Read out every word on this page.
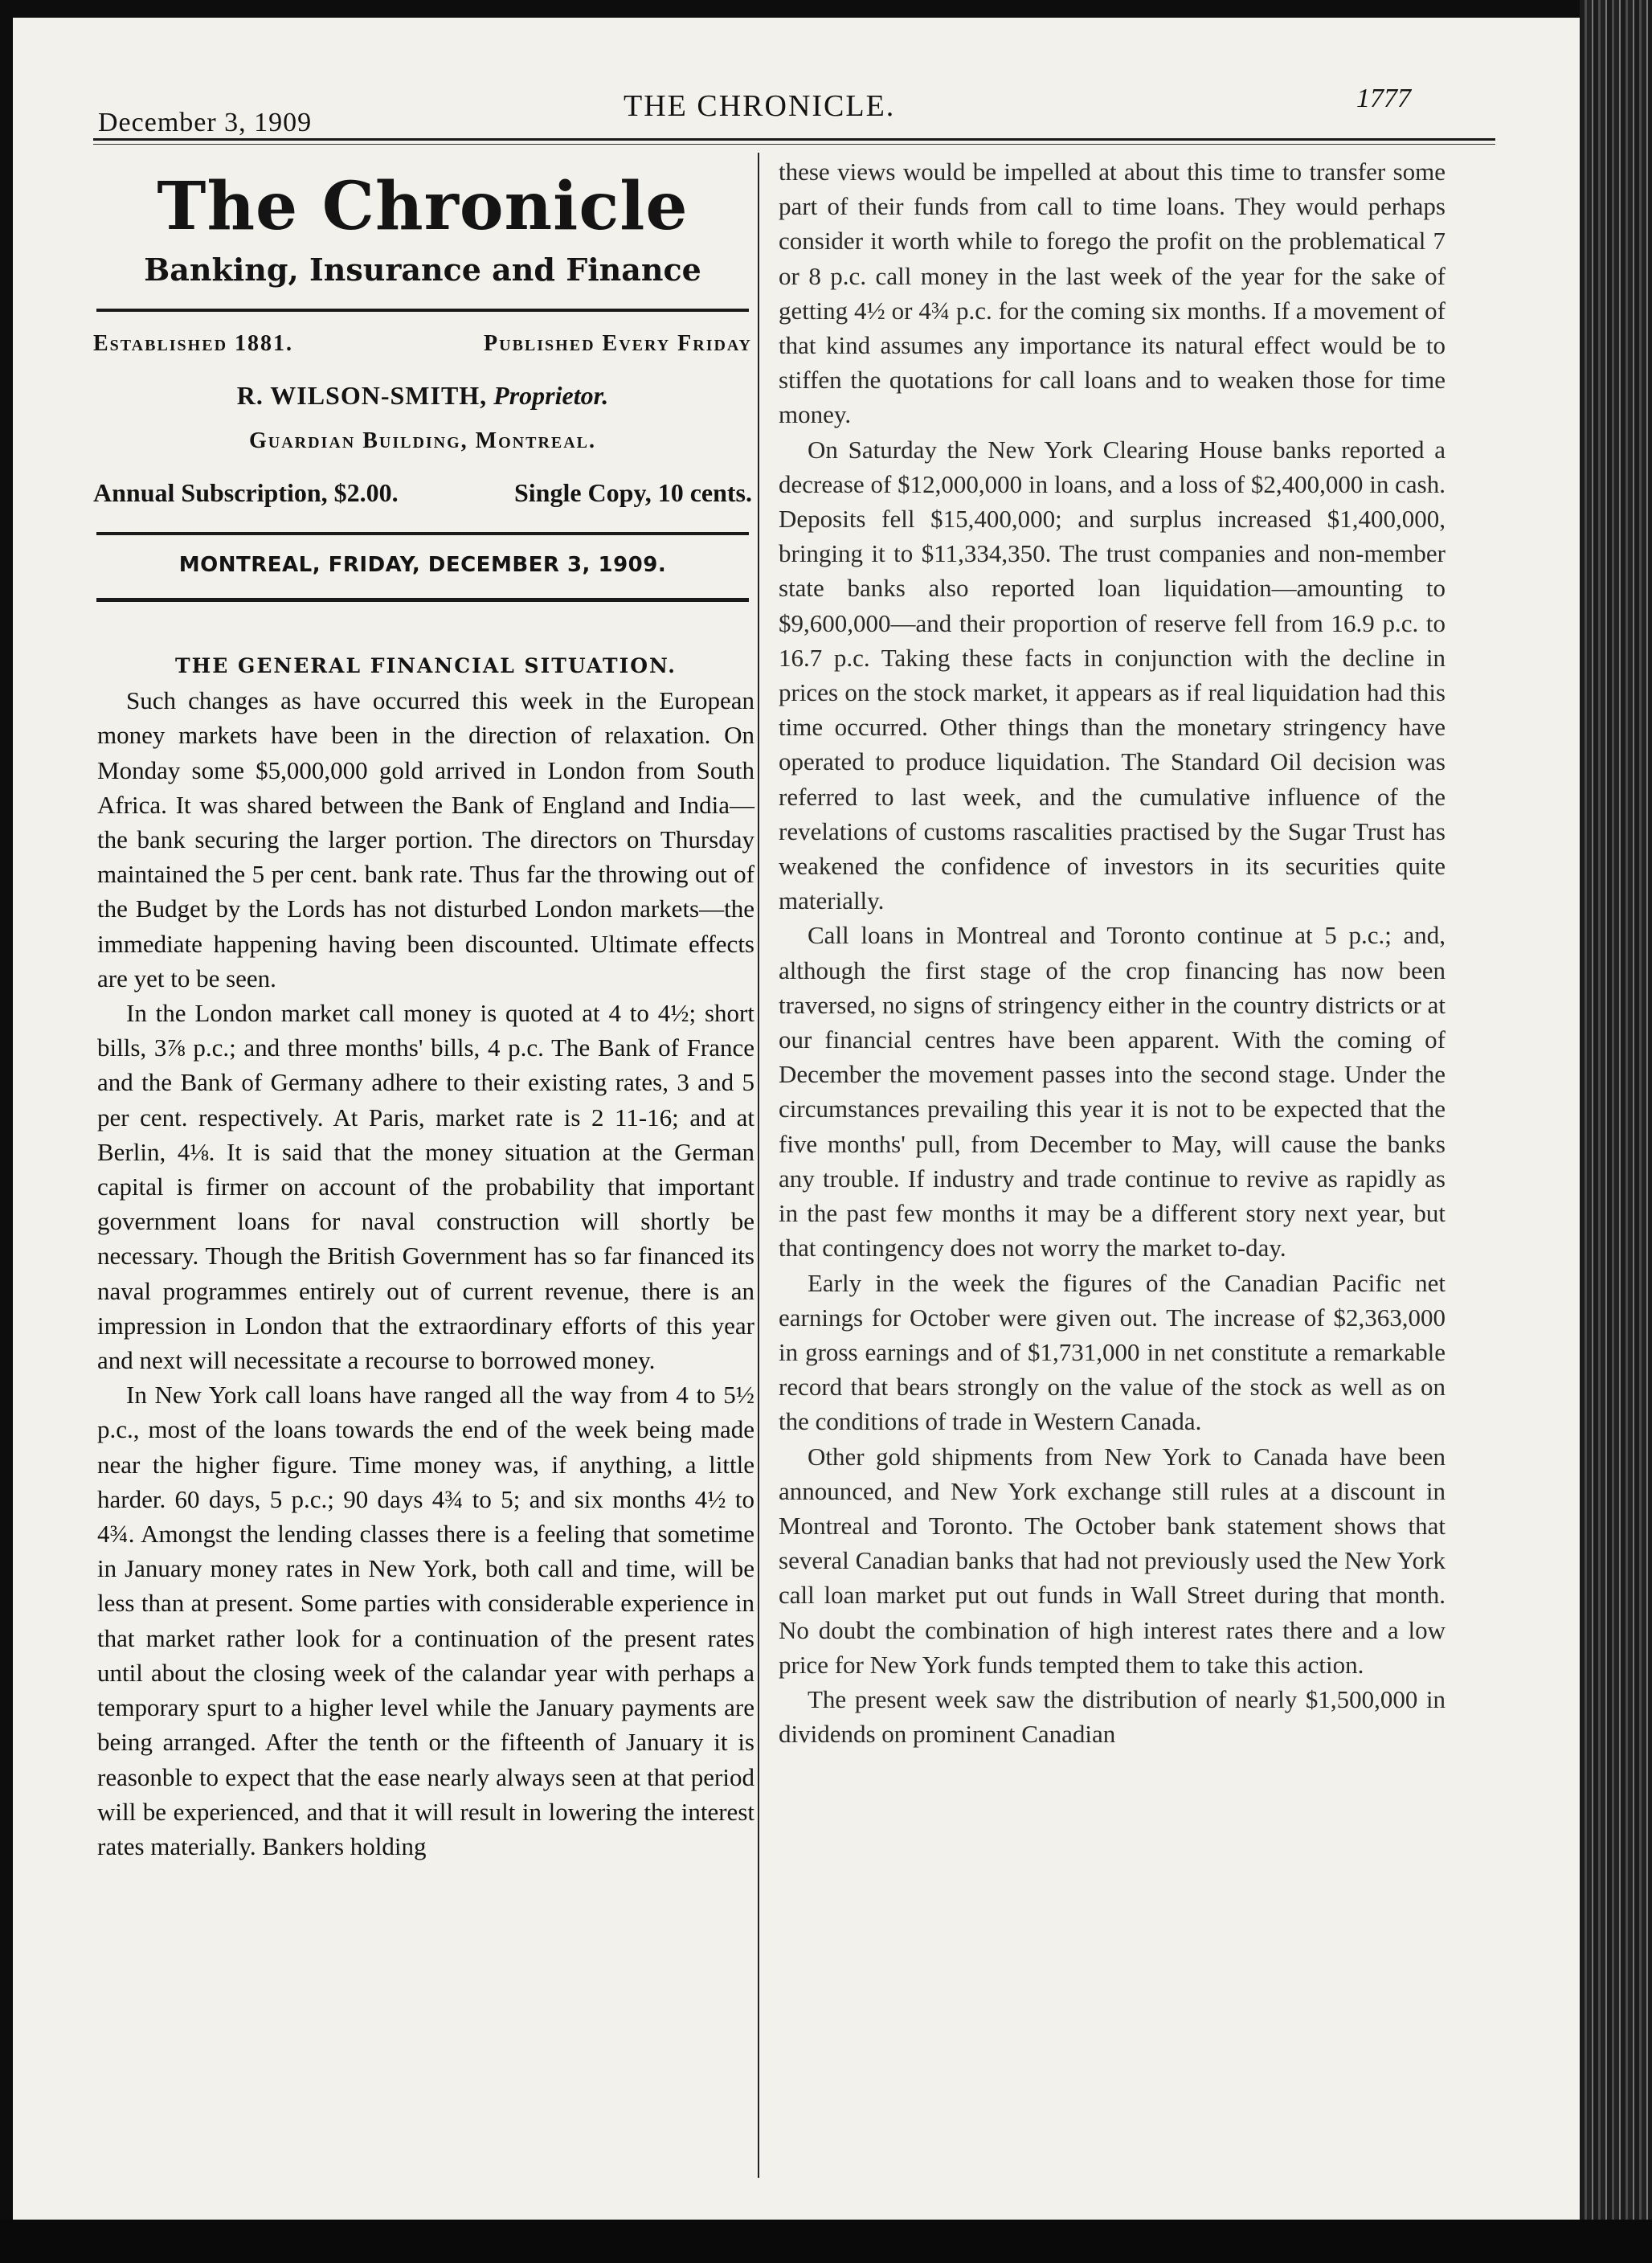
December 3, 1909	THE CHRONICLE.	1777
The Chronicle
Banking, Insurance and Finance
Established 1881.	Published Every Friday
R. WILSON-SMITH, Proprietor.
Guardian Building, Montreal.
Annual Subscription, $2.00.	Single Copy, 10 cents.
MONTREAL, FRIDAY, DECEMBER 3, 1909.

THE GENERAL FINANCIAL SITUATION.

Such changes as have occurred this week in the European money markets have been in the direction of relaxation. On Monday some $5,000,000 gold arrived in London from South Africa. It was shared between the Bank of England and India—the bank securing the larger portion. The directors on Thursday maintained the 5 per cent. bank rate. Thus far the throwing out of the Budget by the Lords has not disturbed London markets—the immediate happening having been discounted. Ultimate effects are yet to be seen.

In the London market call money is quoted at 4 to 4½; short bills, 3⅞ p.c.; and three months' bills, 4 p.c. The Bank of France and the Bank of Germany adhere to their existing rates, 3 and 5 per cent. respectively. At Paris, market rate is 2 11-16; and at Berlin, 4⅛. It is said that the money situation at the German capital is firmer on account of the probability that important government loans for naval construction will shortly be necessary. Though the British Government has so far financed its naval programmes entirely out of current revenue, there is an impression in London that the extraordinary efforts of this year and next will necessitate a recourse to borrowed money.

In New York call loans have ranged all the way from 4 to 5½ p.c., most of the loans towards the end of the week being made near the higher figure. Time money was, if anything, a little harder. 60 days, 5 p.c.; 90 days 4¾ to 5; and six months 4½ to 4¾. Amongst the lending classes there is a feeling that sometime in January money rates in New York, both call and time, will be less than at present. Some parties with considerable experience in that market rather look for a continuation of the present rates until about the closing week of the calandar year with perhaps a temporary spurt to a higher level while the January payments are being arranged. After the tenth or the fifteenth of January it is reasonble to expect that the ease nearly always seen at that period will be experienced, and that it will result in lowering the interest rates materially. Bankers holding

these views would be impelled at about this time to transfer some part of their funds from call to time loans. They would perhaps consider it worth while to forego the profit on the problematical 7 or 8 p.c. call money in the last week of the year for the sake of getting 4½ or 4¾ p.c. for the coming six months. If a movement of that kind assumes any importance its natural effect would be to stiffen the quotations for call loans and to weaken those for time money.

On Saturday the New York Clearing House banks reported a decrease of $12,000,000 in loans, and a loss of $2,400,000 in cash. Deposits fell $15,400,000; and surplus increased $1,400,000, bringing it to $11,334,350. The trust companies and non-member state banks also reported loan liquidation—amounting to $9,600,000—and their proportion of reserve fell from 16.9 p.c. to 16.7 p.c. Taking these facts in conjunction with the decline in prices on the stock market, it appears as if real liquidation had this time occurred. Other things than the monetary stringency have operated to produce liquidation. The Standard Oil decision was referred to last week, and the cumulative influence of the revelations of customs rascalities practised by the Sugar Trust has weakened the confidence of investors in its securities quite materially.

Call loans in Montreal and Toronto continue at 5 p.c.; and, although the first stage of the crop financing has now been traversed, no signs of stringency either in the country districts or at our financial centres have been apparent. With the coming of December the movement passes into the second stage. Under the circumstances prevailing this year it is not to be expected that the five months' pull, from December to May, will cause the banks any trouble. If industry and trade continue to revive as rapidly as in the past few months it may be a different story next year, but that contingency does not worry the market to-day.

Early in the week the figures of the Canadian Pacific net earnings for October were given out. The increase of $2,363,000 in gross earnings and of $1,731,000 in net constitute a remarkable record that bears strongly on the value of the stock as well as on the conditions of trade in Western Canada.

Other gold shipments from New York to Canada have been announced, and New York exchange still rules at a discount in Montreal and Toronto. The October bank statement shows that several Canadian banks that had not previously used the New York call loan market put out funds in Wall Street during that month. No doubt the combination of high interest rates there and a low price for New York funds tempted them to take this action.

The present week saw the distribution of nearly $1,500,000 in dividends on prominent Canadian
